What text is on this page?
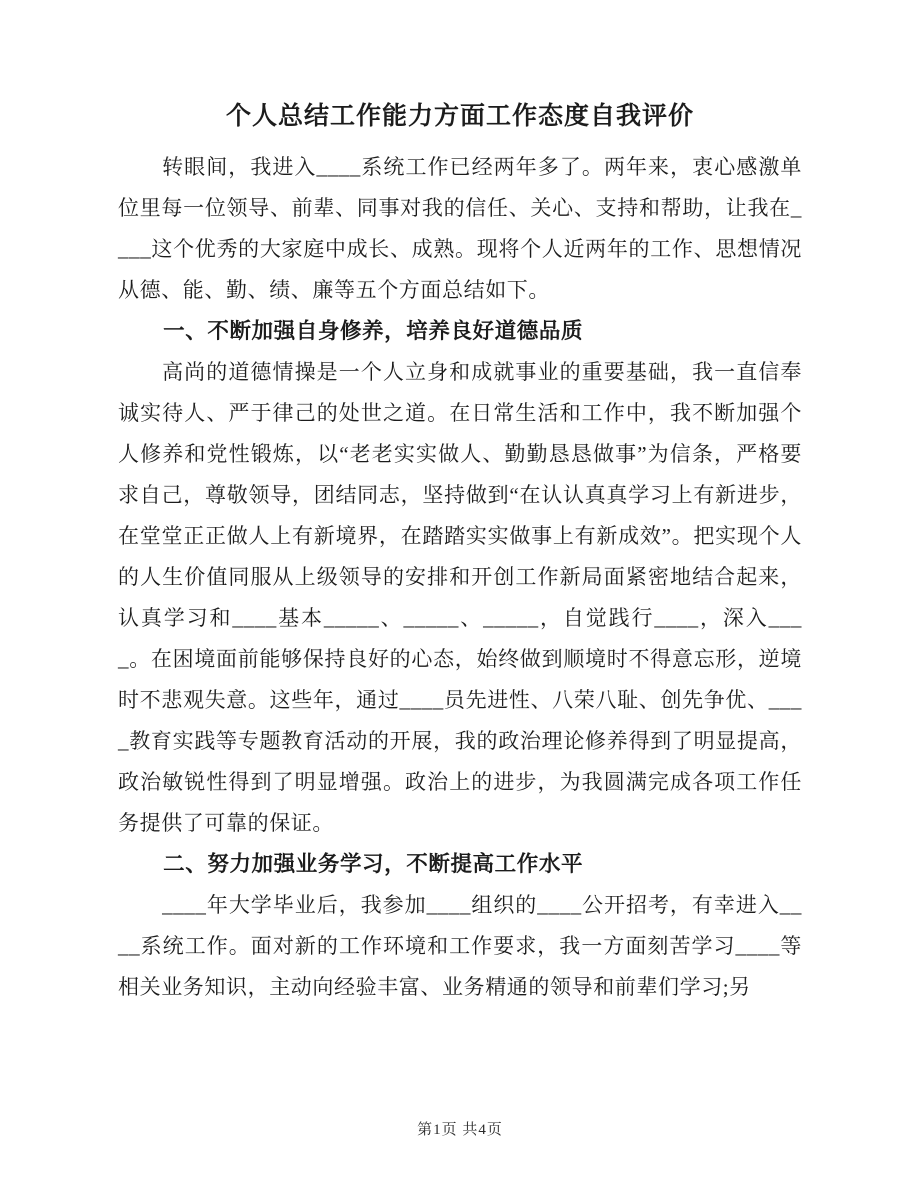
个人总结工作能力方面工作态度自我评价

转眼间，我进入____系统工作已经两年多了。两年来，衷心感激单位里每一位领导、前辈、同事对我的信任、关心、支持和帮助，让我在____这个优秀的大家庭中成长、成熟。现将个人近两年的工作、思想情况从德、能、勤、绩、廉等五个方面总结如下。

一、不断加强自身修养，培养良好道德品质

高尚的道德情操是一个人立身和成就事业的重要基础，我一直信奉诚实待人、严于律己的处世之道。在日常生活和工作中，我不断加强个人修养和党性锻炼，以“老老实实做人、勤勤恳恳做事”为信条，严格要求自己，尊敬领导，团结同志，坚持做到“在认认真真学习上有新进步，在堂堂正正做人上有新境界，在踏踏实实做事上有新成效”。把实现个人的人生价值同服从上级领导的安排和开创工作新局面紧密地结合起来，认真学习和____基本_____、_____、_____，自觉践行____，深入____。在困境面前能够保持良好的心态，始终做到顺境时不得意忘形，逆境时不悲观失意。这些年，通过____员先进性、八荣八耻、创先争优、____教育实践等专题教育活动的开展，我的政治理论修养得到了明显提高，政治敏锐性得到了明显增强。政治上的进步，为我圆满完成各项工作任务提供了可靠的保证。

二、努力加强业务学习，不断提高工作水平

____年大学毕业后，我参加____组织的____公开招考，有幸进入____系统工作。面对新的工作环境和工作要求，我一方面刻苦学习____等相关业务知识，主动向经验丰富、业务精通的领导和前辈们学习;另

第1页 共4页
